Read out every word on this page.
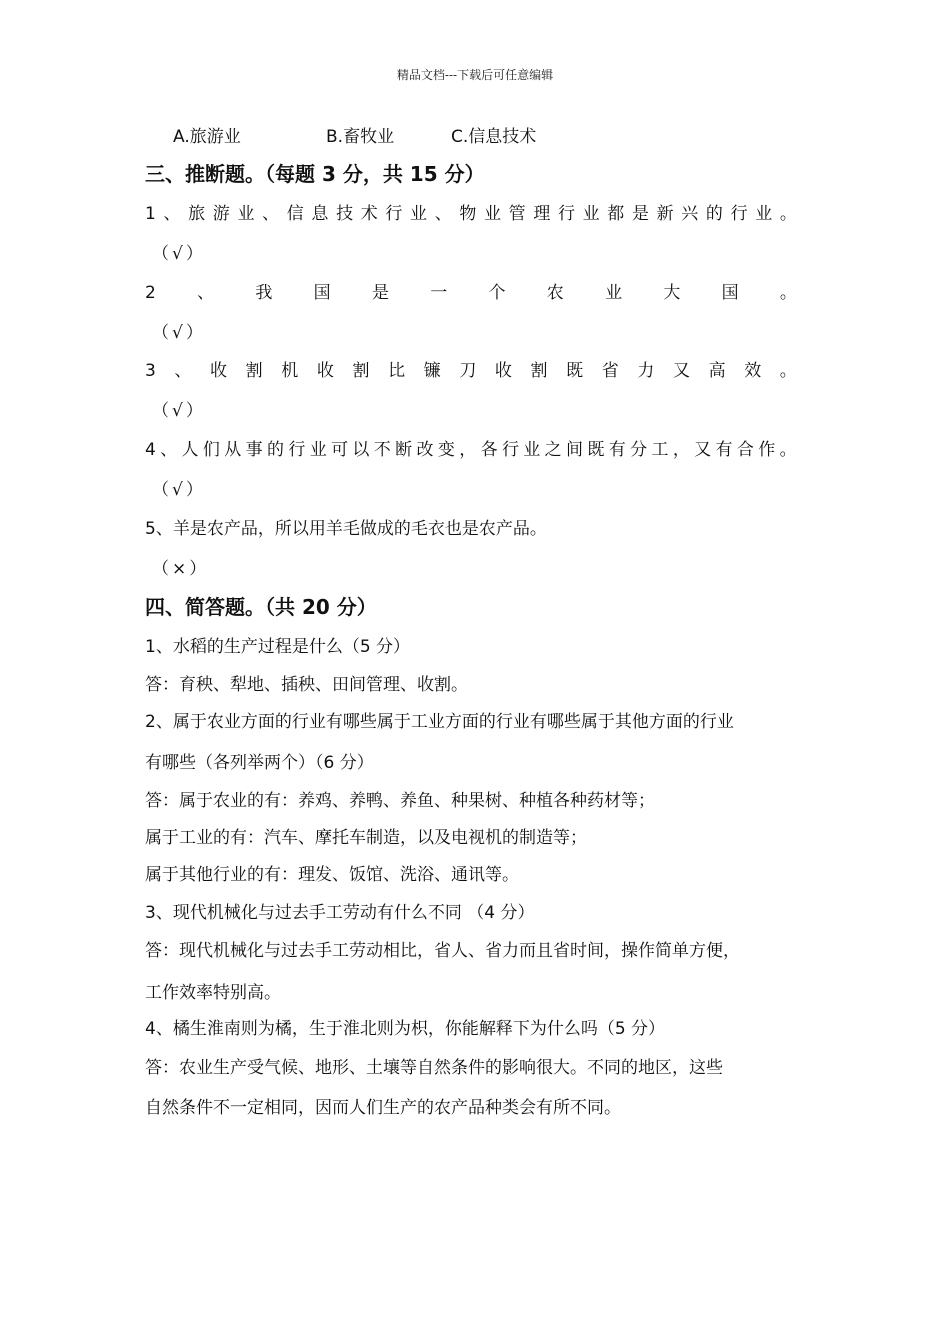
精品文档---下载后可任意编辑
A.旅游业	B.畜牧业	C.信息技术
三、推断题。（每题 3 分，共 15 分）
1 、 旅 游 业 、 信 息 技 术 行 业 、 物 业 管 理 行 业 都 是 新 兴 的 行 业 。
（√）
2 、 我 国 是 一 个 农 业 大 国 。
（√）
3 、 收 割 机 收 割 比 镰 刀 收 割 既 省 力 又 高 效 。
（√）
4 、 人 们 从 事 的 行 业 可 以 不 断 改 变 ， 各 行 业 之 间 既 有 分 工 ， 又 有 合 作 。
（√）
5、羊是农产品，所以用羊毛做成的毛衣也是农产品。
（×）
四、简答题。（共 20 分）
1、水稻的生产过程是什么（5 分）
答：育秧、犁地、插秧、田间管理、收割。
2、属于农业方面的行业有哪些属于工业方面的行业有哪些属于其他方面的行业
有哪些（各列举两个）（6 分）
答：属于农业的有：养鸡、养鸭、养鱼、种果树、种植各种药材等；
属于工业的有：汽车、摩托车制造，以及电视机的制造等；
属于其他行业的有：理发、饭馆、洗浴、通讯等。
3、现代机械化与过去手工劳动有什么不同 （4 分）
答：现代机械化与过去手工劳动相比，省人、省力而且省时间，操作简单方便，
工作效率特别高。
4、橘生淮南则为橘，生于淮北则为枳，你能解释下为什么吗（5 分）
答：农业生产受气候、地形、土壤等自然条件的影响很大。不同的地区，这些
自然条件不一定相同，因而人们生产的农产品种类会有所不同。
